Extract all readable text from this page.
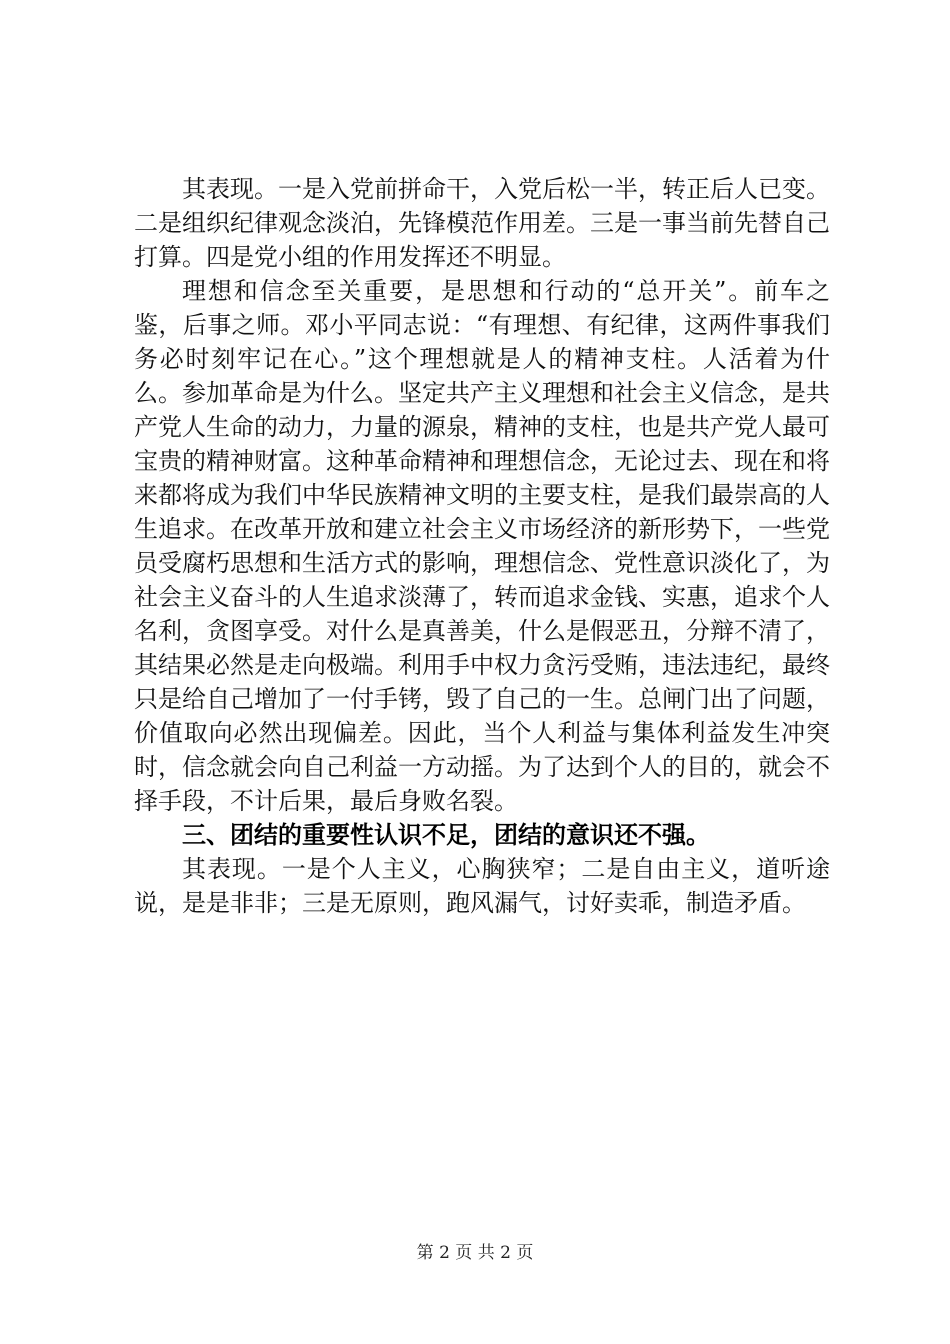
其表现。一是入党前拼命干，入党后松一半，转正后人已变。二是组织纪律观念淡泊，先锋模范作用差。三是一事当前先替自己打算。四是党小组的作用发挥还不明显。

理想和信念至关重要，是思想和行动的“总开关”。前车之鉴，后事之师。邓小平同志说：“有理想、有纪律，这两件事我们务必时刻牢记在心。”这个理想就是人的精神支柱。人活着为什么。参加革命是为什么。坚定共产主义理想和社会主义信念，是共产党人生命的动力，力量的源泉，精神的支柱，也是共产党人最可宝贵的精神财富。这种革命精神和理想信念，无论过去、现在和将来都将成为我们中华民族精神文明的主要支柱，是我们最崇高的人生追求。在改革开放和建立社会主义市场经济的新形势下，一些党员受腐朽思想和生活方式的影响，理想信念、党性意识淡化了，为社会主义奋斗的人生追求淡薄了，转而追求金钱、实惠，追求个人名利，贪图享受。对什么是真善美，什么是假恶丑，分辩不清了，其结果必然是走向极端。利用手中权力贪污受贿，违法违纪，最终只是给自己增加了一付手铐，毁了自己的一生。总闸门出了问题，价值取向必然出现偏差。因此，当个人利益与集体利益发生冲突时，信念就会向自己利益一方动摇。为了达到个人的目的，就会不择手段，不计后果，最后身败名裂。

三、团结的重要性认识不足，团结的意识还不强。

其表现。一是个人主义，心胸狭窄；二是自由主义，道听途说，是是非非；三是无原则，跑风漏气，讨好卖乖，制造矛盾。

第 2 页 共 2 页
